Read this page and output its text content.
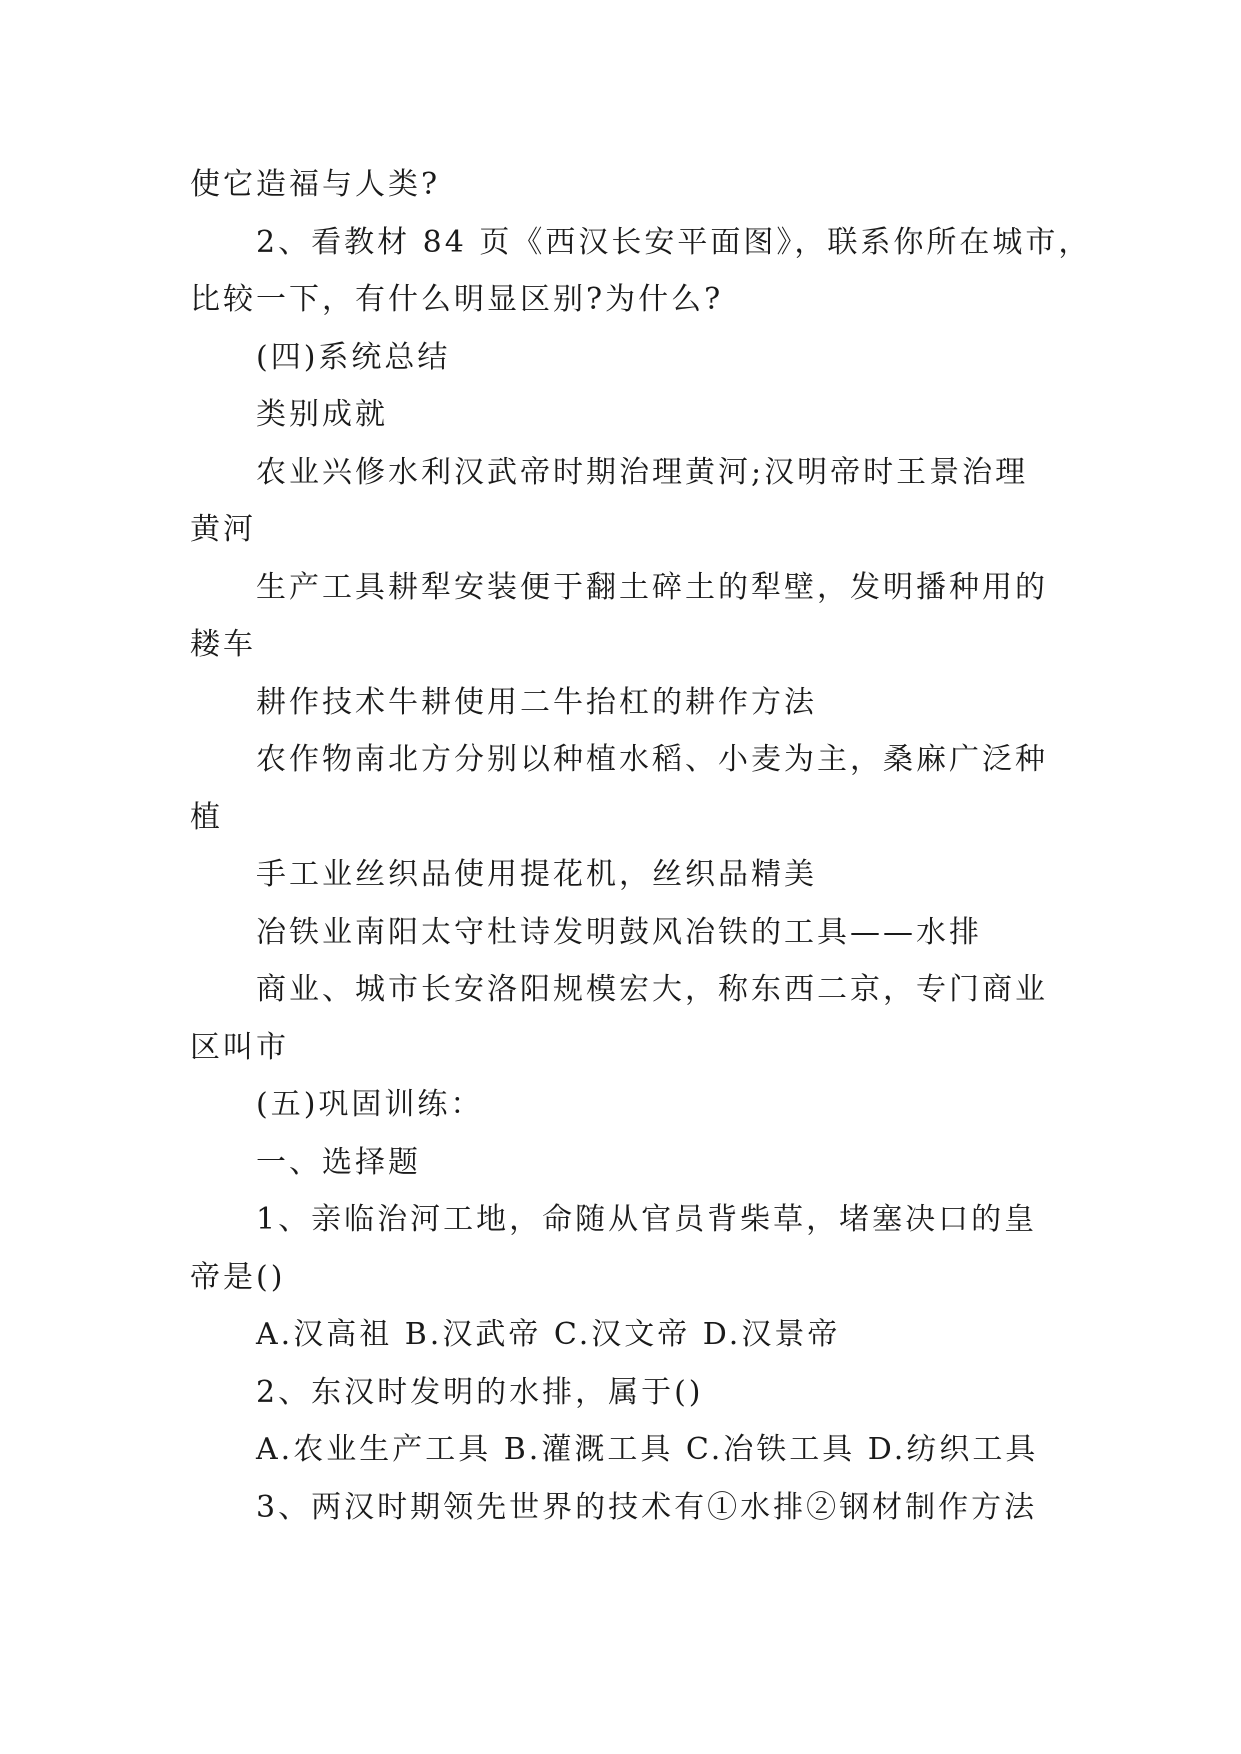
使它造福与人类?
2、看教材 84 页《西汉长安平面图》，联系你所在城市，
比较一下，有什么明显区别?为什么?
(四)系统总结
类别成就
农业兴修水利汉武帝时期治理黄河;汉明帝时王景治理
黄河
生产工具耕犁安装便于翻土碎土的犁壁，发明播种用的
耧车
耕作技术牛耕使用二牛抬杠的耕作方法
农作物南北方分别以种植水稻、小麦为主，桑麻广泛种
植
手工业丝织品使用提花机，丝织品精美
冶铁业南阳太守杜诗发明鼓风冶铁的工具——水排
商业、城市长安洛阳规模宏大，称东西二京，专门商业
区叫市
(五)巩固训练：
一、选择题
1、亲临治河工地，命随从官员背柴草，堵塞决口的皇
帝是()
A.汉高祖 B.汉武帝 C.汉文帝 D.汉景帝
2、东汉时发明的水排，属于()
A.农业生产工具 B.灌溉工具 C.冶铁工具 D.纺织工具
3、两汉时期领先世界的技术有①水排②钢材制作方法
